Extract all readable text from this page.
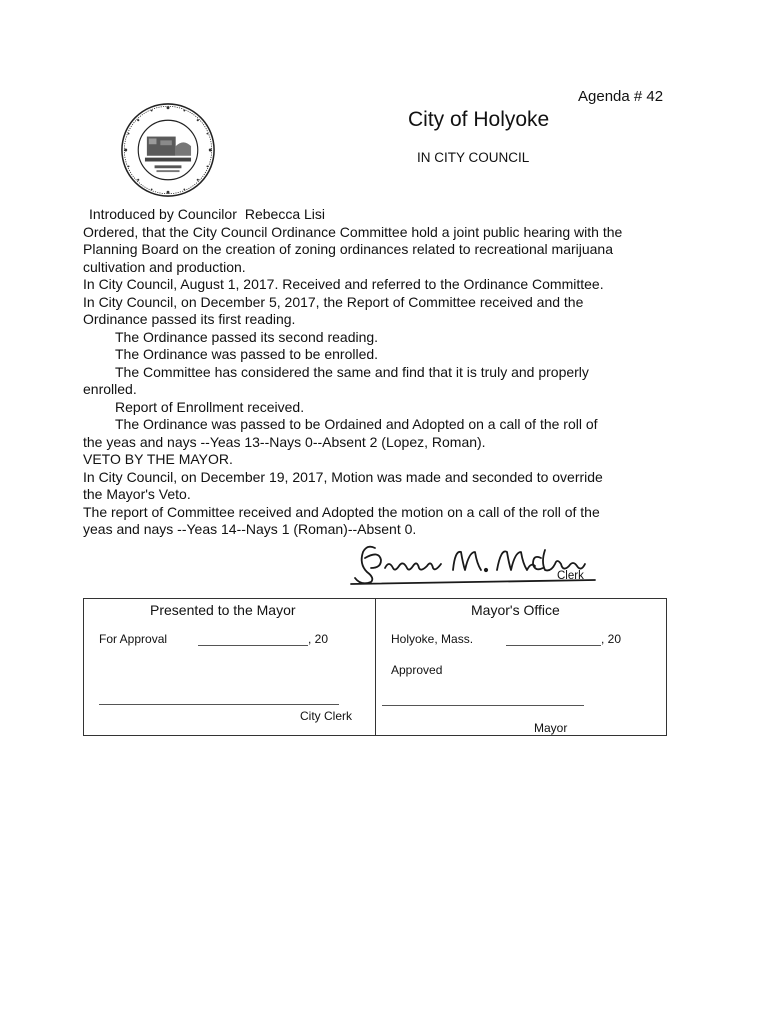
Agenda # 42
City of Holyoke
IN CITY COUNCIL
Introduced by Councilor Rebecca Lisi
Ordered, that the City Council Ordinance Committee hold a joint public hearing with the
Planning Board on the creation of zoning ordinances related to recreational marijuana
cultivation and production.
In City Council, August 1, 2017. Received and referred to the Ordinance Committee.
In City Council, on December 5, 2017, the Report of Committee received and the
Ordinance passed its first reading.
The Ordinance passed its second reading.
The Ordinance was passed to be enrolled.
The Committee has considered the same and find that it is truly and properly
enrolled.
Report of Enrollment received.
The Ordinance was passed to be Ordained and Adopted on a call of the roll of
the yeas and nays --Yeas 13--Nays 0--Absent 2 (Lopez, Roman).
VETO BY THE MAYOR.
In City Council, on December 19, 2017, Motion was made and seconded to override
the Mayor's Veto.
The report of Committee received and Adopted the motion on a call of the roll of the
yeas and nays --Yeas 14--Nays 1 (Roman)--Absent 0.
Clerk
Presented to the Mayor
For Approval	, 20
City Clerk
Mayor's Office
Holyoke, Mass.	, 20
Approved
Mayor
